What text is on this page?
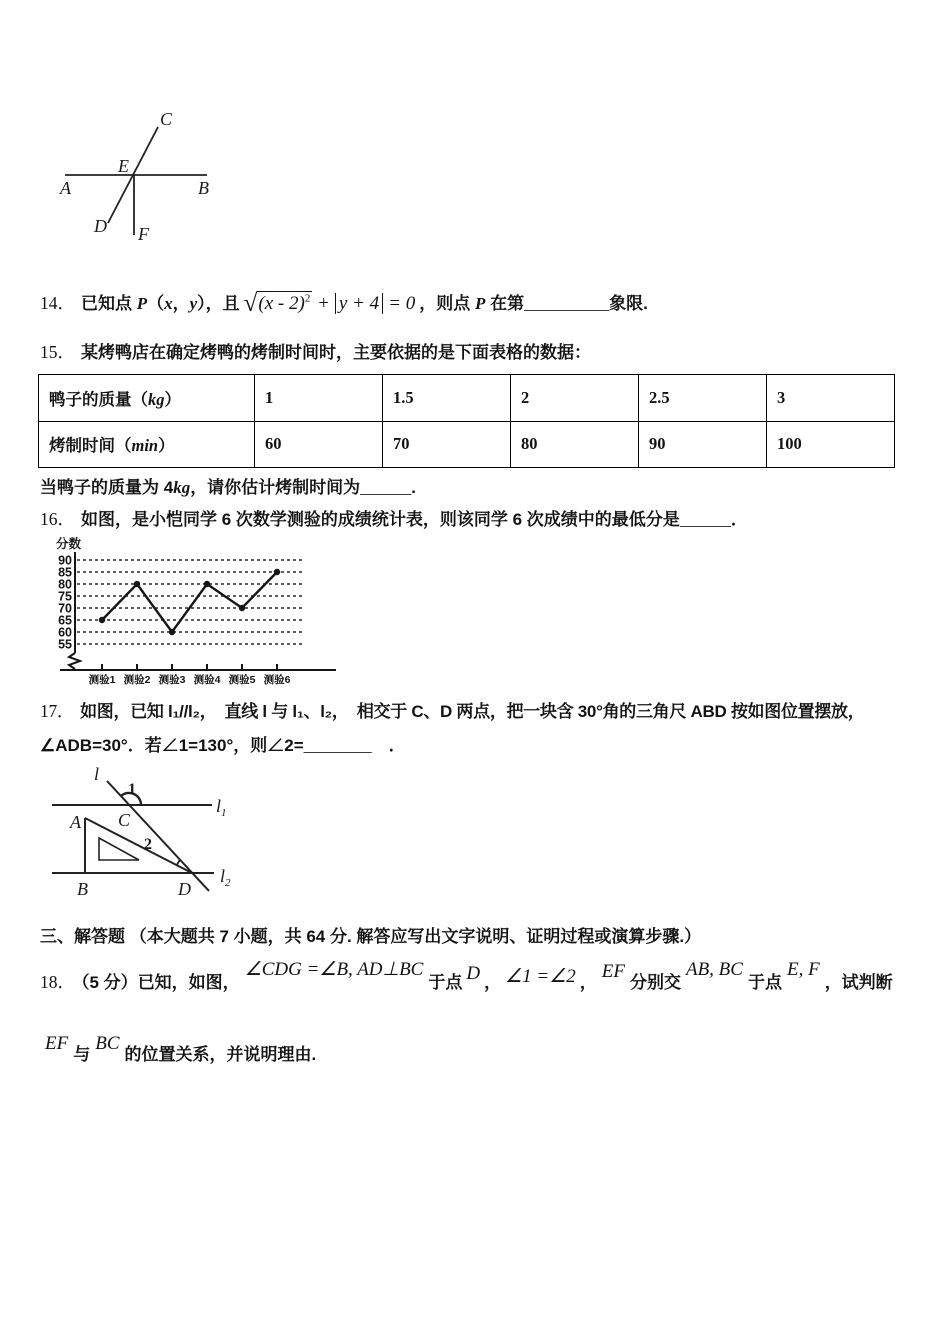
C
E
A	B
D F
14． 已知点 P（x，y），且 √(x - 2)$^2$ + y + 4 = 0 ，则点 P 在第__________象限.
15． 某烤鸭店在确定烤鸭的烤制时间时，主要依据的是下面表格的数据：
鸭子的质量（kg）	1	1.5	2	2.5	3
烤制时间（min）	60	70	80	90	100
当鸭子的质量为 4kg，请你估计烤制时间为______.
16． 如图，是小恺同学 6 次数学测验的成绩统计表，则该同学 6 次成绩中的最低分是______．
90
85
80
75
70
65
60
55
分数
测验1 测验2 测验3 测验4 测验5 测验6
17． 如图，已知 l₁//l₂，　直线 l 与 l₁、l₂，　相交于 C、D 两点，把一块含 30°角的三角尺 ABD 按如图位置摆放，
∠ADB=30°．若∠1=130°，则∠2=________　．
l
1
$l_1$
A C
2
B	D
$l_2$
三、解答题 （本大题共 7 小题，共 64 分. 解答应写出文字说明、证明过程或演算步骤.）
18． （5 分）已知，如图，∠CDG =∠B, AD⊥BC于点 D ， ∠1 =∠2 ，EF分别交AB, BC于点E, F，试判断
EF与BC的位置关系，并说明理由.
